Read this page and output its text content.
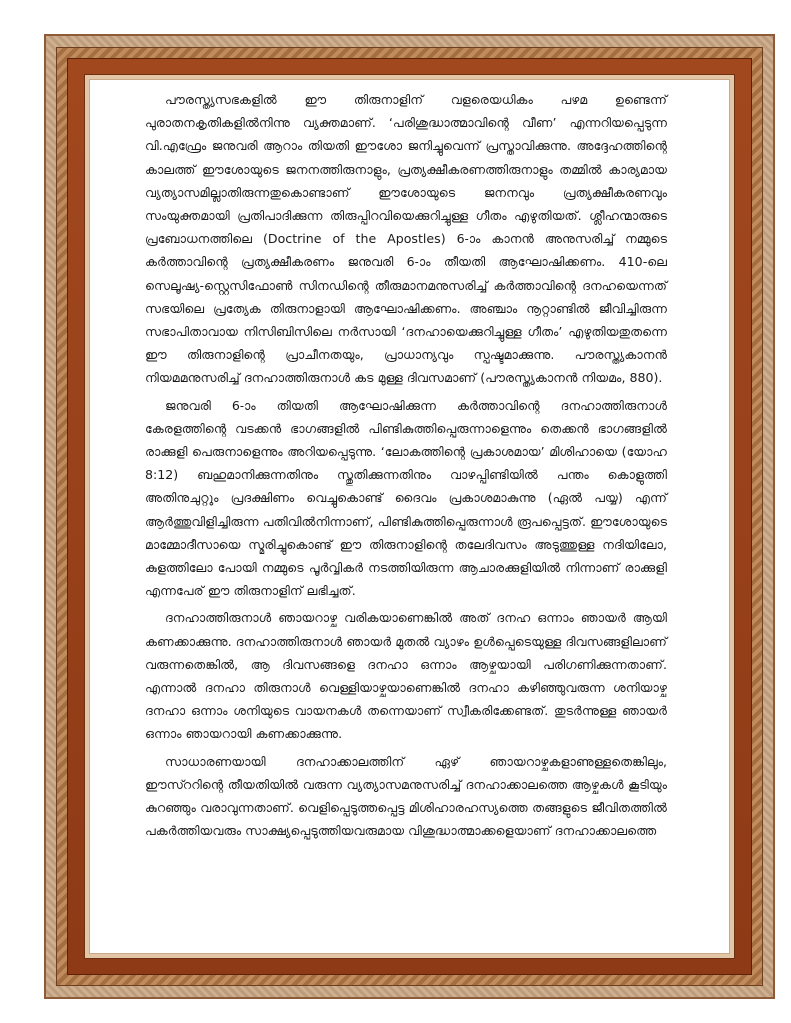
പൗരസ്ത്യസഭകളിൽ ഈ തിരുനാളിന് വളരെയധികം പഴമ ഉണ്ടെന്ന് പുരാതനകൃതികളിൽനിന്നു വ്യക്തമാണ്. ‘പരിശുദ്ധാത്മാവിന്റെ വീണ’ എന്നറിയപ്പെടുന്ന വി.എഫ്രേം ജനുവരി ആറാം തിയതി ഈശോ ജനിച്ചുവെന്ന് പ്രസ്താവിക്കുന്നു. അദ്ദേഹത്തിന്റെ കാലത്ത് ഈശോയുടെ ജനനത്തിരുനാളും, പ്രത്യക്ഷീകരണത്തിരുനാളും തമ്മിൽ കാര്യമായ വ്യത്യാസമില്ലാതിരുന്നതുകൊണ്ടാണ് ഈശോയുടെ ജനനവും പ്രത്യക്ഷീകരണവും സംയുക്തമായി പ്രതിപാദിക്കുന്ന തിരുപ്പിറവിയെക്കുറിച്ചുള്ള ഗീതം എഴുതിയത്. ശ്ലീഹന്മാരുടെ പ്രബോധനത്തിലെ (Doctrine of the Apostles) 6-ാം കാനൻ അനുസരിച്ച് നമ്മുടെ കർത്താവിന്റെ പ്രത്യക്ഷീകരണം ജനുവരി 6-ാം തീയതി ആഘോഷിക്കണം. 410-ലെ സെലൂഷ്യ-സ്റ്റെസിഫോൺ സിനഡിന്റെ തീരുമാനമനുസരിച്ച് കർത്താവിന്റെ ദനഹയെന്നത് സഭയിലെ പ്രത്യേക തിരുനാളായി ആഘോഷിക്കണം. അഞ്ചാം നൂറ്റാണ്ടിൽ ജീവിച്ചിരുന്ന സഭാപിതാവായ നിസിബിസിലെ നർസായി ‘ദനഹായെക്കുറിച്ചുള്ള ഗീതം’ എഴുതിയതുതന്നെ ഈ തിരുനാളിന്റെ പ്രാചീനതയും, പ്രാധാന്യവും സ്പഷ്ടമാക്കുന്നു. പൗരസ്ത്യകാനൻ നിയമമനുസരിച്ച് ദനഹാത്തിരുനാൾ കട മുള്ള ദിവസമാണ് (പൗരസ്ത്യകാനൻ നിയമം, 880).

ജനുവരി 6-ാം തിയതി ആഘോഷിക്കുന്ന കർത്താവിന്റെ ദനഹാത്തിരുനാൾ കേരളത്തിന്റെ വടക്കൻ ഭാഗങ്ങളിൽ പിണ്ടികുത്തിപ്പെരുന്നാളെന്നും തെക്കൻ ഭാഗങ്ങളിൽ രാക്കുളി പെരുനാളെന്നും അറിയപ്പെടുന്നു. ‘ലോകത്തിന്റെ പ്രകാശമായ’ മിശിഹായെ (യോഹ 8:12) ബഹുമാനിക്കുന്നതിനും സ്തുതിക്കുന്നതിനും വാഴപ്പിണ്ടിയിൽ പന്തം കൊളുത്തി അതിനുചുറ്റും പ്രദക്ഷിണം വെച്ചുകൊണ്ട് ദൈവം പ്രകാശമാകുന്നു (ഏൽ പയ്യ) എന്ന് ആർത്തുവിളിച്ചിരുന്ന പതിവിൽനിന്നാണ്, പിണ്ടികുത്തിപ്പെരുന്നാൾ രൂപപ്പെട്ടത്. ഈശോയുടെ മാമ്മോദീസായെ സ്മരിച്ചുകൊണ്ട് ഈ തിരുനാളിന്റെ തലേദിവസം അടുത്തുള്ള നദിയിലോ, കുളത്തിലോ പോയി നമ്മുടെ പൂർവ്വികർ നടത്തിയിരുന്ന ആചാരക്കുളിയിൽ നിന്നാണ് രാക്കുളി എന്നപേര് ഈ തിരുനാളിന് ലഭിച്ചത്.

ദനഹാത്തിരുനാൾ ഞായറാഴ്ച വരികയാണെങ്കിൽ അത് ദനഹ ഒന്നാം ഞായർ ആയി കണക്കാക്കുന്നു. ദനഹാത്തിരുനാൾ ഞായർ മുതൽ വ്യാഴം ഉൾപ്പെടെയുള്ള ദിവസങ്ങളിലാണ് വരുന്നതെങ്കിൽ, ആ ദിവസങ്ങളെ ദനഹാ ഒന്നാം ആഴ്ചയായി പരിഗണിക്കുന്നതാണ്. എന്നാൽ ദനഹാ തിരുനാൾ വെള്ളിയാഴ്ചയാണെങ്കിൽ ദനഹാ കഴിഞ്ഞുവരുന്ന ശനിയാഴ്ച ദനഹാ ഒന്നാം ശനിയുടെ വായനകൾ തന്നെയാണ് സ്വീകരിക്കേണ്ടത്. തുടർന്നുള്ള ഞായർ ഒന്നാം ഞായറായി കണക്കാക്കുന്നു.

സാധാരണയായി ദനഹാക്കാലത്തിന് ഏഴ് ഞായറാഴ്ചകളാണുള്ളതെങ്കിലും, ഈസ്ററിന്റെ തീയതിയിൽ വരുന്ന വ്യത്യാസമനുസരിച്ച് ദനഹാക്കാലത്തെ ആഴ്ചകൾ കൂടിയും കുറഞ്ഞും വരാവുന്നതാണ്. വെളിപ്പെടുത്തപ്പെട്ട മിശിഹാരഹസ്യത്തെ തങ്ങളുടെ ജീവിതത്തിൽ പകർത്തിയവരും സാക്ഷ്യപ്പെടുത്തിയവരുമായ വിശുദ്ധാത്മാക്കളെയാണ് ദനഹാക്കാലത്തെ
